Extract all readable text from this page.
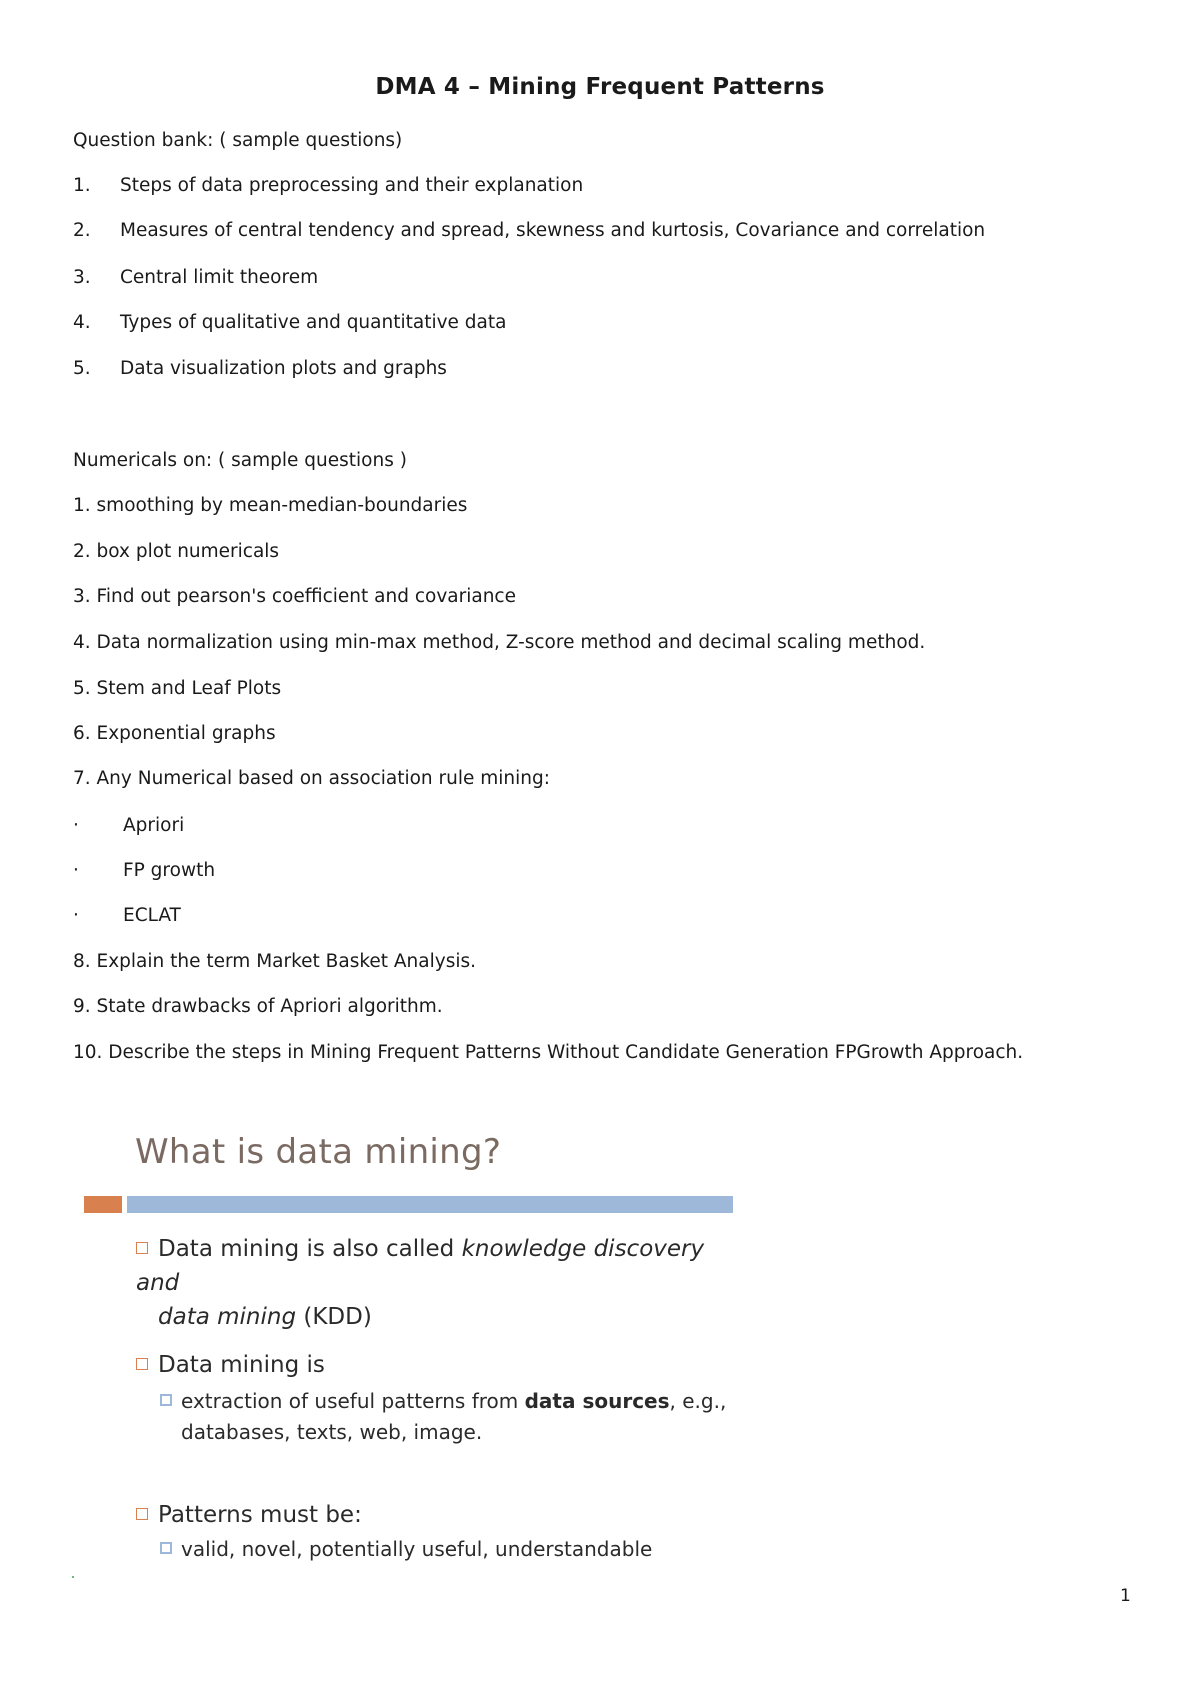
DMA 4 – Mining Frequent Patterns
Question bank: ( sample questions)
1. Steps of data preprocessing and their explanation
2. Measures of central tendency and spread, skewness and kurtosis, Covariance and correlation
3. Central limit theorem
4. Types of qualitative and quantitative data
5. Data visualization plots and graphs
Numericals on: ( sample questions )
1. smoothing by mean-median-boundaries
2. box plot numericals
3. Find out pearson's coefficient and covariance
4. Data normalization using min-max method, Z-score method and decimal scaling method.
5. Stem and Leaf Plots
6. Exponential graphs
7. Any Numerical based on association rule mining:
· Apriori
· FP growth
· ECLAT
8. Explain the term Market Basket Analysis.
9. State drawbacks of Apriori algorithm.
10. Describe the steps in Mining Frequent Patterns Without Candidate Generation FPGrowth Approach.
What is data mining?
Data mining is also called knowledge discovery and
data mining (KDD)
Data mining is
extraction of useful patterns from data sources, e.g.,
databases, texts, web, image.
Patterns must be:
valid, novel, potentially useful, understandable
1
